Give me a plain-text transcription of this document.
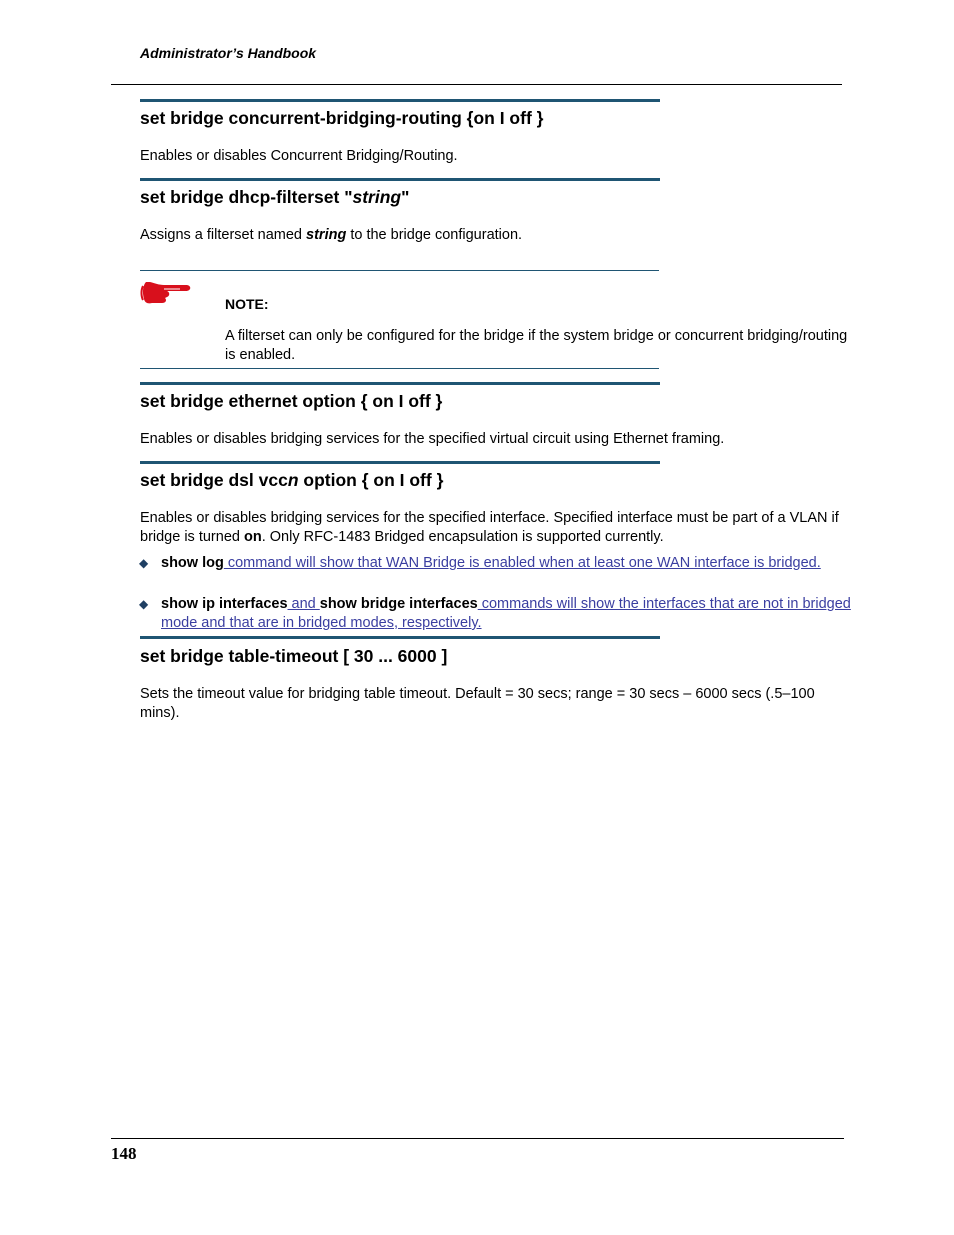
Administrator’s Handbook
set bridge concurrent-bridging-routing {on I off }
Enables or disables Concurrent Bridging/Routing.
set bridge dhcp-filterset "string"
Assigns a filterset named string to the bridge configuration.
NOTE:
A filterset can only be configured for the bridge if the system bridge or concurrent bridging/routing is enabled.
set bridge ethernet option { on I off }
Enables or disables bridging services for the specified virtual circuit using Ethernet framing.
set bridge dsl vccn option { on I off }
Enables or disables bridging services for the specified interface. Specified interface must be part of a VLAN if bridge is turned on. Only RFC-1483 Bridged encapsulation is supported currently.
◆ show log command will show that WAN Bridge is enabled when at least one WAN interface is bridged.
◆ show ip interfaces and show bridge interfaces commands will show the interfaces that are not in bridged mode and that are in bridged modes, respectively.
set bridge table-timeout [ 30 ... 6000 ]
Sets the timeout value for bridging table timeout. Default = 30 secs; range = 30 secs – 6000 secs (.5–100 mins).
148
